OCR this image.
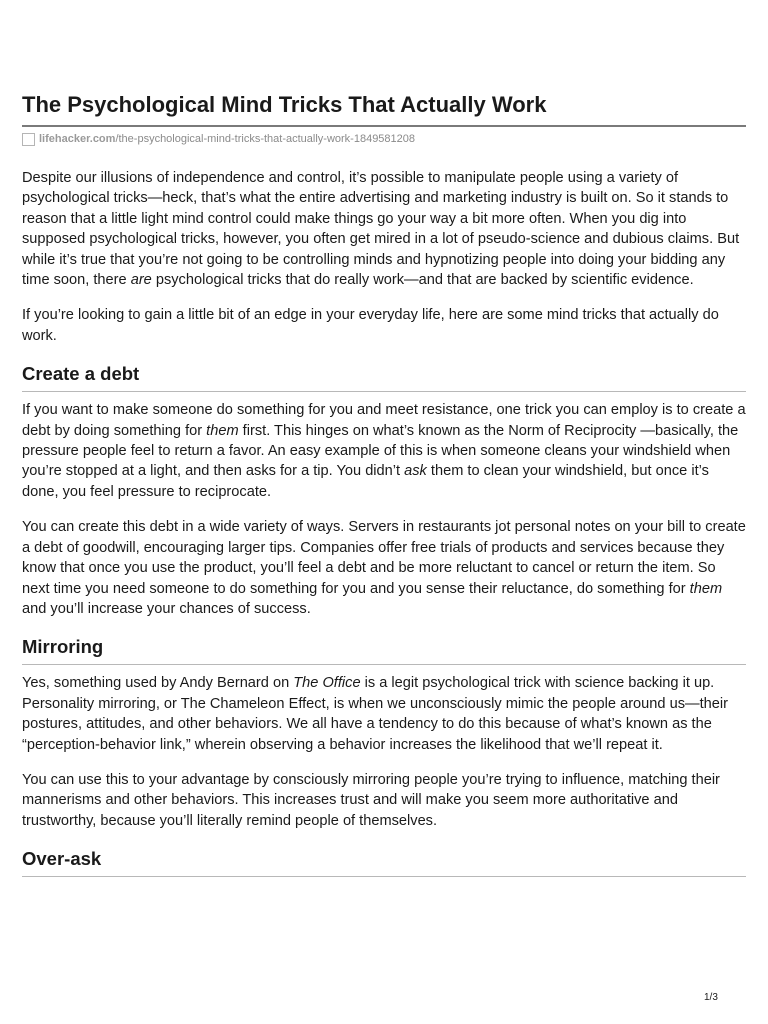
The Psychological Mind Tricks That Actually Work
lifehacker.com /the-psychological-mind-tricks-that-actually-work-1849581208

Despite our illusions of independence and control, it’s possible to manipulate people using a variety of psychological tricks—heck, that’s what the entire advertising and marketing industry is built on. So it stands to reason that a little light mind control could make things go your way a bit more often. When you dig into supposed psychological tricks, however, you often get mired in a lot of pseudo-science and dubious claims. But while it’s true that you’re not going to be controlling minds and hypnotizing people into doing your bidding any time soon, there are psychological tricks that do really work—and that are backed by scientific evidence.

If you’re looking to gain a little bit of an edge in your everyday life, here are some mind tricks that actually do work.

Create a debt

If you want to make someone do something for you and meet resistance, one trick you can employ is to create a debt by doing something for them first. This hinges on what’s known as the Norm of Reciprocity —basically, the pressure people feel to return a favor. An easy example of this is when someone cleans your windshield when you’re stopped at a light, and then asks for a tip. You didn’t ask them to clean your windshield, but once it’s done, you feel pressure to reciprocate.

You can create this debt in a wide variety of ways. Servers in restaurants jot personal notes on your bill to create a debt of goodwill, encouraging larger tips. Companies offer free trials of products and services because they know that once you use the product, you’ll feel a debt and be more reluctant to cancel or return the item. So next time you need someone to do something for you and you sense their reluctance, do something for them and you’ll increase your chances of success.

Mirroring

Yes, something used by Andy Bernard on The Office is a legit psychological trick with science backing it up. Personality mirroring, or The Chameleon Effect, is when we unconsciously mimic the people around us—their postures, attitudes, and other behaviors. We all have a tendency to do this because of what’s known as the “perception-behavior link,” wherein observing a behavior increases the likelihood that we’ll repeat it.

You can use this to your advantage by consciously mirroring people you’re trying to influence, matching their mannerisms and other behaviors. This increases trust and will make you seem more authoritative and trustworthy, because you’ll literally remind people of themselves.

Over-ask
1/3
